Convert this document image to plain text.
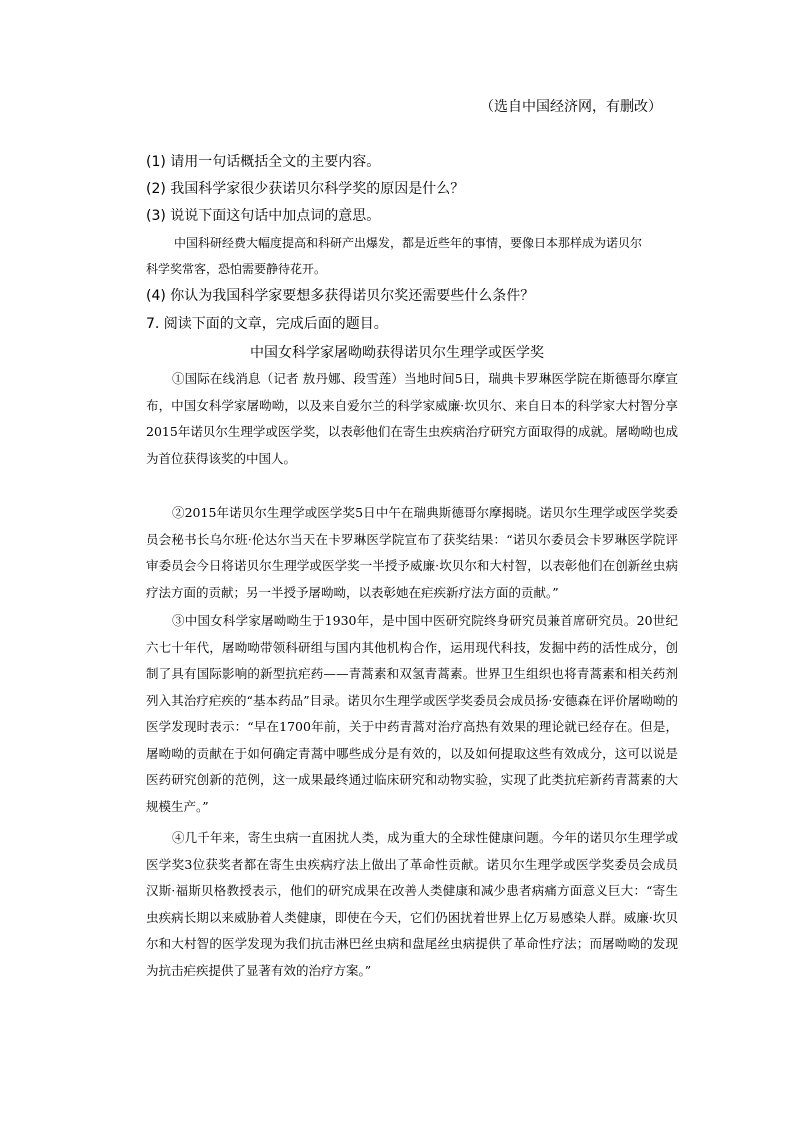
（选自中国经济网，有删改）
(1) 请用一句话概括全文的主要内容。
(2) 我国科学家很少获诺贝尔科学奖的原因是什么？
(3) 说说下面这句话中加点词的意思。
中国科研经费大幅度提高和科研产出爆发，都是近些年的事情，要像日本那样成为诺贝尔科学奖常客，恐怕需要静待花开。
(4) 你认为我国科学家要想多获得诺贝尔奖还需要些什么条件？
7. 阅读下面的文章，完成后面的题目。
中国女科学家屠呦呦获得诺贝尔生理学或医学奖
①国际在线消息（记者 敖丹娜、段雪莲）当地时间5日，瑞典卡罗琳医学院在斯德哥尔摩宣布，中国女科学家屠呦呦，以及来自爱尔兰的科学家威廉·坎贝尔、来自日本的科学家大村智分享2015年诺贝尔生理学或医学奖，以表彰他们在寄生虫疾病治疗研究方面取得的成就。屠呦呦也成为首位获得该奖的中国人。
②2015年诺贝尔生理学或医学奖5日中午在瑞典斯德哥尔摩揭晓。诺贝尔生理学或医学奖委员会秘书长乌尔班·伦达尔当天在卡罗琳医学院宣布了获奖结果：“诺贝尔委员会卡罗琳医学院评审委员会今日将诺贝尔生理学或医学奖一半授予威廉·坎贝尔和大村智，以表彰他们在创新丝虫病疗法方面的贡献；另一半授予屠呦呦，以表彰她在疟疾新疗法方面的贡献。”
③中国女科学家屠呦呦生于1930年，是中国中医研究院终身研究员兼首席研究员。20世纪六七十年代，屠呦呦带领科研组与国内其他机构合作，运用现代科技，发掘中药的活性成分，创制了具有国际影响的新型抗疟药——青蒿素和双氢青蒿素。世界卫生组织也将青蒿素和相关药剂列入其治疗疟疾的“基本药品”目录。诺贝尔生理学或医学奖委员会成员扬·安德森在评价屠呦呦的医学发现时表示：“早在1700年前，关于中药青蒿对治疗高热有效果的理论就已经存在。但是，屠呦呦的贡献在于如何确定青蒿中哪些成分是有效的，以及如何提取这些有效成分，这可以说是医药研究创新的范例，这一成果最终通过临床研究和动物实验，实现了此类抗疟新药青蒿素的大规模生产。”
④几千年来，寄生虫病一直困扰人类，成为重大的全球性健康问题。今年的诺贝尔生理学或医学奖3位获奖者都在寄生虫疾病疗法上做出了革命性贡献。诺贝尔生理学或医学奖委员会成员汉斯·福斯贝格教授表示，他们的研究成果在改善人类健康和减少患者病痛方面意义巨大：“寄生虫疾病长期以来威胁着人类健康，即使在今天，它们仍困扰着世界上亿万易感染人群。威廉·坎贝尔和大村智的医学发现为我们抗击淋巴丝虫病和盘尾丝虫病提供了革命性疗法；而屠呦呦的发现为抗击疟疾提供了显著有效的治疗方案。”
